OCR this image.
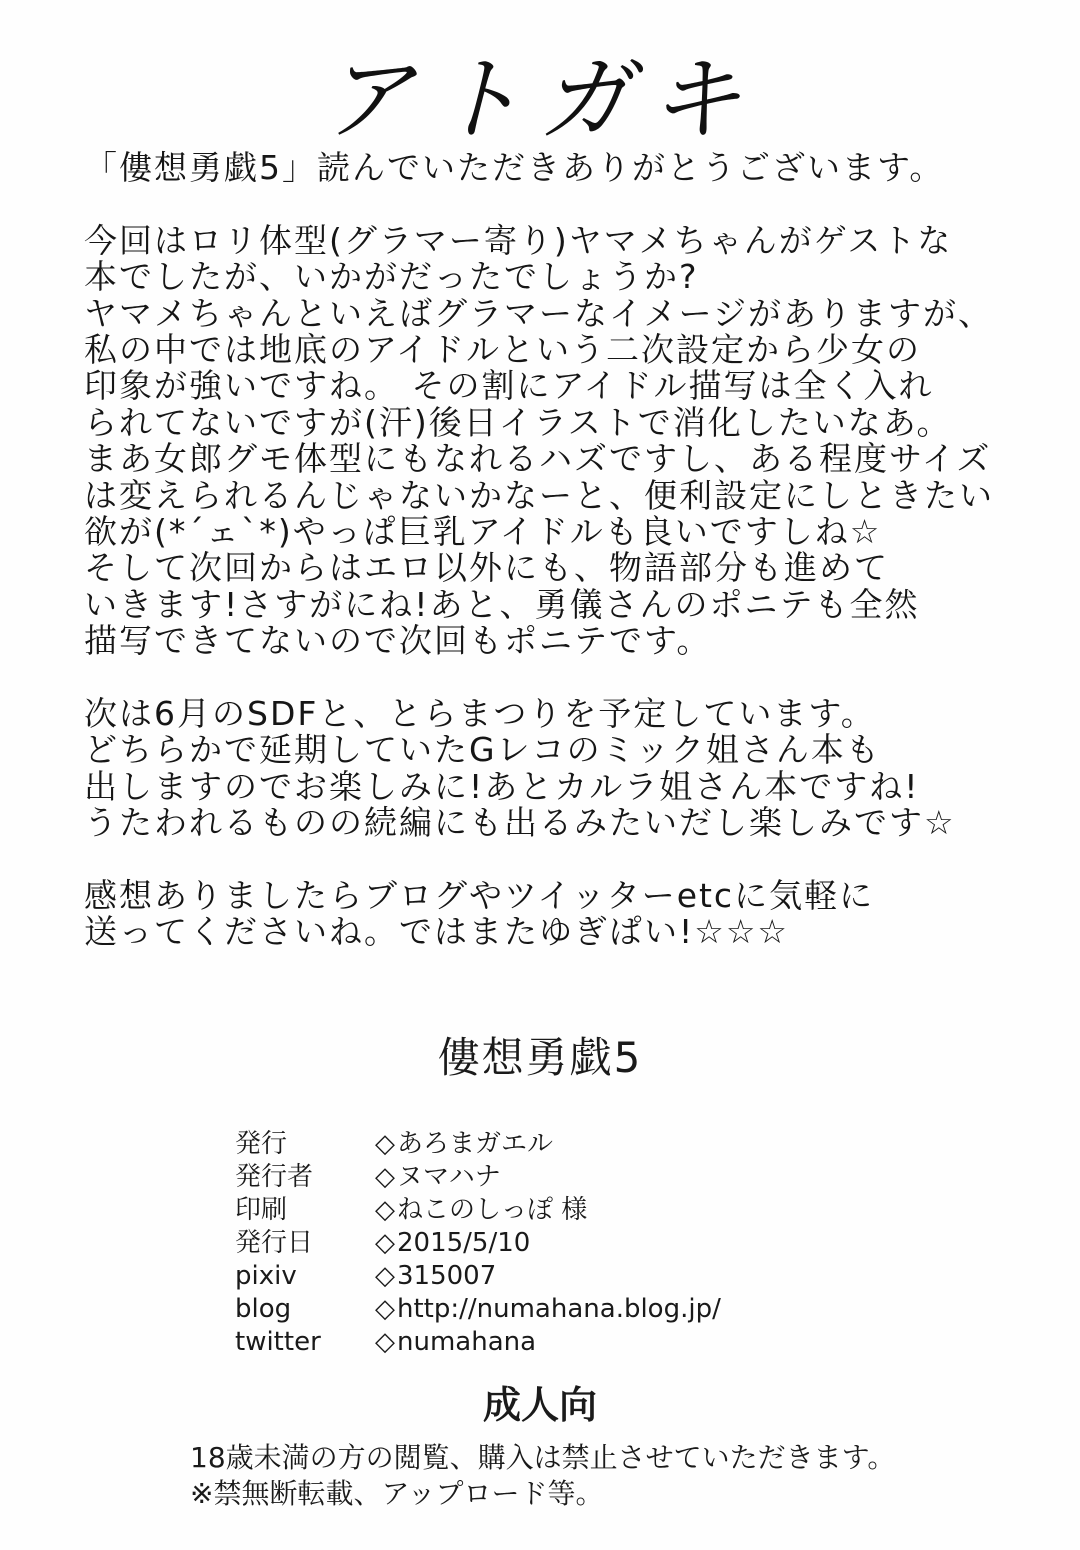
アトガキ
「僂想勇戯5」読んでいただきありがとうございます。
今回はロリ体型(グラマー寄り)ヤマメちゃんがゲストな
本でしたが、いかがだったでしょうか?
ヤマメちゃんといえばグラマーなイメージがありますが、
私の中では地底のアイドルという二次設定から少女の
印象が強いですね。 その割にアイドル描写は全く入れ
られてないですが(汗)後日イラストで消化したいなあ。
まあ女郎グモ体型にもなれるハズですし、ある程度サイズ
は変えられるんじゃないかなーと、便利設定にしときたい
欲が(*´ェ`*)やっぱ巨乳アイドルも良いですしね☆
そして次回からはエロ以外にも、物語部分も進めて
いきます!さすがにね!あと、勇儀さんのポニテも全然
描写できてないので次回もポニテです。
次は6月のSDFと、とらまつりを予定しています。
どちらかで延期していたGレコのミック姐さん本も
出しますのでお楽しみに!あとカルラ姐さん本ですね!
うたわれるものの続編にも出るみたいだし楽しみです☆
感想ありましたらブログやツイッターetcに気軽に
送ってくださいね。ではまたゆぎぱい!☆☆☆
僂想勇戯5
発行	◇ あろまガエル
発行者	◇ ヌマハナ
印刷	◇ ねこのしっぽ 様
発行日	◇ 2015/5/10
pixiv	◇ 315007
blog	◇ http://numahana.blog.jp/
twitter	◇ numahana
成人向
18歳未満の方の閲覧、購入は禁止させていただきます。
※禁無断転載、アップロード等。
